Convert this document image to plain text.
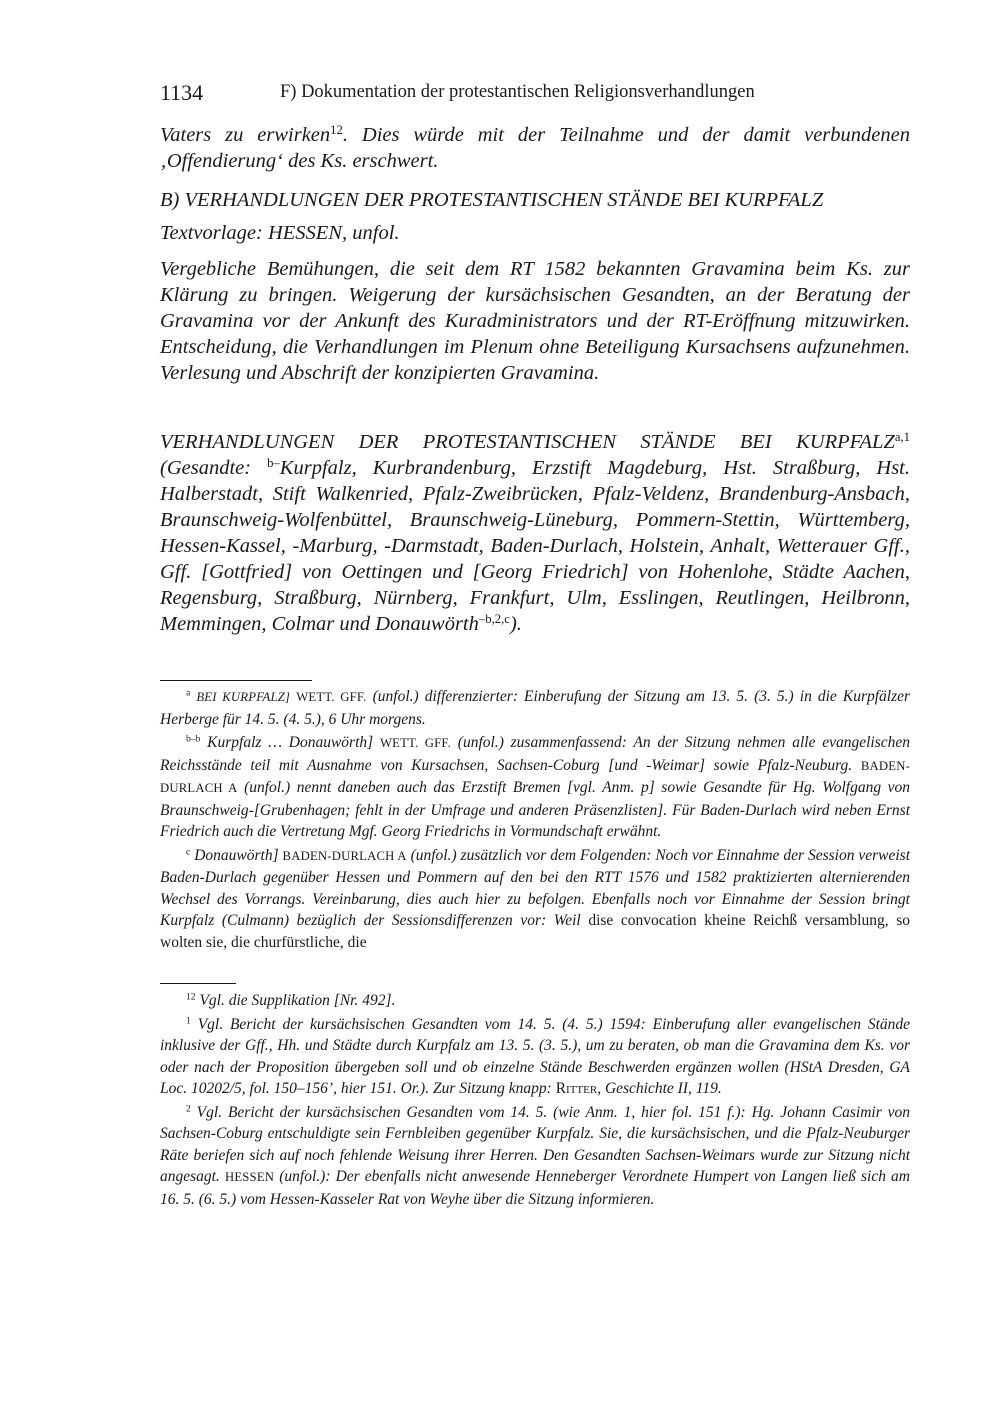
1134	F) Dokumentation der protestantischen Religionsverhandlungen

Vaters zu erwirken$^{12}$. Dies würde mit der Teilnahme und der damit verbundenen ‚Offendierung‘ des Ks. erschwert.

B) VERHANDLUNGEN DER PROTESTANTISCHEN STÄNDE BEI KURPFALZ

Textvorlage: HESSEN, unfol.

Vergebliche Bemühungen, die seit dem RT 1582 bekannten Gravamina beim Ks. zur Klärung zu bringen. Weigerung der kursächsischen Gesandten, an der Beratung der Gravamina vor der Ankunft des Kuradministrators und der RT-Eröffnung mitzuwirken. Entscheidung, die Verhandlungen im Plenum ohne Beteiligung Kursachsens aufzunehmen. Verlesung und Abschrift der konzipierten Gravamina.

VERHANDLUNGEN DER PROTESTANTISCHEN STÄNDE BEI KURPFALZ$^{a,1}$ (Gesandte: $^{b-}$Kurpfalz, Kurbrandenburg, Erzstift Magdeburg, Hst. Straßburg, Hst. Halberstadt, Stift Walkenried, Pfalz-Zweibrücken, Pfalz-Veldenz, Brandenburg-Ansbach, Braunschweig-Wolfenbüttel, Braunschweig-Lüneburg, Pommern-Stettin, Württemberg, Hessen-Kassel, -Marburg, -Darmstadt, Baden-Durlach, Holstein, Anhalt, Wetterauer Gff., Gff. [Gottfried] von Oettingen und [Georg Friedrich] von Hohenlohe, Städte Aachen, Regensburg, Straßburg, Nürnberg, Frankfurt, Ulm, Esslingen, Reutlingen, Heilbronn, Memmingen, Colmar und Donauwörth$^{-b,2,c}$).

$^a$ BEI KURPFALZ] WETT. GFF. (unfol.) differenzierter: Einberufung der Sitzung am 13. 5. (3. 5.) in die Kurpfälzer Herberge für 14. 5. (4. 5.), 6 Uhr morgens.

$^{b-b}$ Kurpfalz … Donauwörth] WETT. GFF. (unfol.) zusammenfassend: An der Sitzung nehmen alle evangelischen Reichsstände teil mit Ausnahme von Kursachsen, Sachsen-Coburg [und -Weimar] sowie Pfalz-Neuburg. BADEN-DURLACH A (unfol.) nennt daneben auch das Erzstift Bremen [vgl. Anm. p] sowie Gesandte für Hg. Wolfgang von Braunschweig-[Grubenhagen; fehlt in der Umfrage und anderen Präsenzlisten]. Für Baden-Durlach wird neben Ernst Friedrich auch die Vertretung Mgf. Georg Friedrichs in Vormundschaft erwähnt.

$^c$ Donauwörth] BADEN-DURLACH A (unfol.) zusätzlich vor dem Folgenden: Noch vor Einnahme der Session verweist Baden-Durlach gegenüber Hessen und Pommern auf den bei den RTT 1576 und 1582 praktizierten alternierenden Wechsel des Vorrangs. Vereinbarung, dies auch hier zu befolgen. Ebenfalls noch vor Einnahme der Session bringt Kurpfalz (Culmann) bezüglich der Sessionsdifferenzen vor: Weil dise convocation kheine Reichß versamblung, so wolten sie, die churfürstliche, die

$^{12}$ Vgl. die Supplikation [Nr. 492].

$^1$ Vgl. Bericht der kursächsischen Gesandten vom 14. 5. (4. 5.) 1594: Einberufung aller evangelischen Stände inklusive der Gff., Hh. und Städte durch Kurpfalz am 13. 5. (3. 5.), um zu beraten, ob man die Gravamina dem Ks. vor oder nach der Proposition übergeben soll und ob einzelne Stände Beschwerden ergänzen wollen (HStA Dresden, GA Loc. 10202/5, fol. 150–156’, hier 151. Or.). Zur Sitzung knapp: Ritter, Geschichte II, 119.

$^2$ Vgl. Bericht der kursächsischen Gesandten vom 14. 5. (wie Anm. 1, hier fol. 151 f.): Hg. Johann Casimir von Sachsen-Coburg entschuldigte sein Fernbleiben gegenüber Kurpfalz. Sie, die kursächsischen, und die Pfalz-Neuburger Räte beriefen sich auf noch fehlende Weisung ihrer Herren. Den Gesandten Sachsen-Weimars wurde zur Sitzung nicht angesagt. HESSEN (unfol.): Der ebenfalls nicht anwesende Henneberger Verordnete Humpert von Langen ließ sich am 16. 5. (6. 5.) vom Hessen-Kasseler Rat von Weyhe über die Sitzung informieren.
